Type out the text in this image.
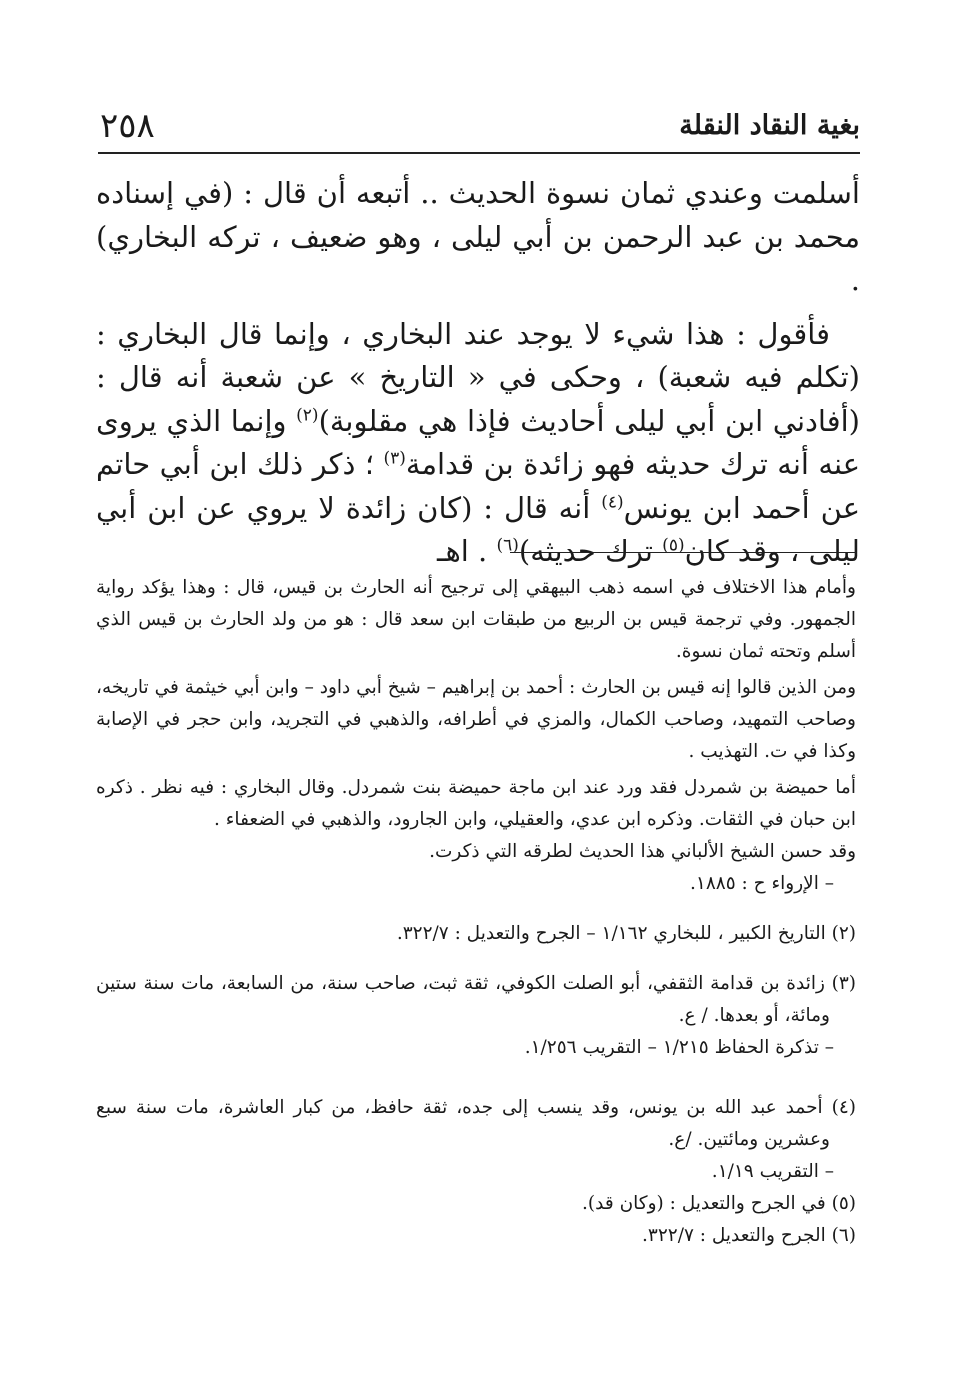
٢٥٨	بغية النقاد النقلة

أسلمت وعندي ثمان نسوة الحديث .. أتبعه أن قال : (في إسناده محمد بن عبد الرحمن بن أبي ليلى ، وهو ضعيف ، تركه البخاري) .

فأقول : هذا شيء لا يوجد عند البخاري ، وإنما قال البخاري : (تكلم فيه شعبة) ، وحكى في « التاريخ » عن شعبة أنه قال : (أفادني ابن أبي ليلى أحاديث فإذا هي مقلوبة)$^{(٢)}$ وإنما الذي يروى عنه أنه ترك حديثه فهو زائدة بن قدامة$^{(٣)}$ ؛ ذكر ذلك ابن أبي حاتم عن أحمد ابن يونس$^{(٤)}$ أنه قال : (كان زائدة لا يروي عن ابن أبي ليلى ، وقد كان$^{(٥)}$ ترك حديثه)$^{(٦)}$ . اهـ

وأمام هذا الاختلاف في اسمه ذهب البيهقي إلى ترجيح أنه الحارث بن قيس، قال : وهذا يؤكد رواية الجمهور. وفي ترجمة قيس بن الربيع من طبقات ابن سعد قال : هو من ولد الحارث بن قيس الذي أسلم وتحته ثمان نسوة.

ومن الذين قالوا إنه قيس بن الحارث : أحمد بن إبراهيم – شيخ أبي داود – وابن أبي خيثمة في تاريخه، وصاحب التمهيد، وصاحب الكمال، والمزي في أطرافه، والذهبي في التجريد، وابن حجر في الإصابة وكذا في ت. التهذيب .

أما حميضة بن شمردل فقد ورد عند ابن ماجة حميضة بنت شمردل. وقال البخاري : فيه نظر . ذكره ابن حبان في الثقات. وذكره ابن عدي، والعقيلي، وابن الجارود، والذهبي في الضعفاء .

وقد حسن الشيخ الألباني هذا الحديث لطرقه التي ذكرت.

– الإرواء ح : ١٨٨٥.

(٢) التاريخ الكبير ، للبخاري ١/١٦٢ – الجرح والتعديل : ٣٢٢/٧.

(٣) زائدة بن قدامة الثقفي، أبو الصلت الكوفي، ثقة ثبت، صاحب سنة، من السابعة، مات سنة ستين ومائة، أو بعدها. / ع.

– تذكرة الحفاظ ١/٢١٥ – التقريب ١/٢٥٦.

(٤) أحمد عبد الله بن يونس، وقد ينسب إلى جده، ثقة حافظ، من كبار العاشرة، مات سنة سبع وعشرين ومائتين. /ع.

– التقريب ١/١٩.

(٥) في الجرح والتعديل : (وكان قد).

(٦) الجرح والتعديل : ٣٢٢/٧.
